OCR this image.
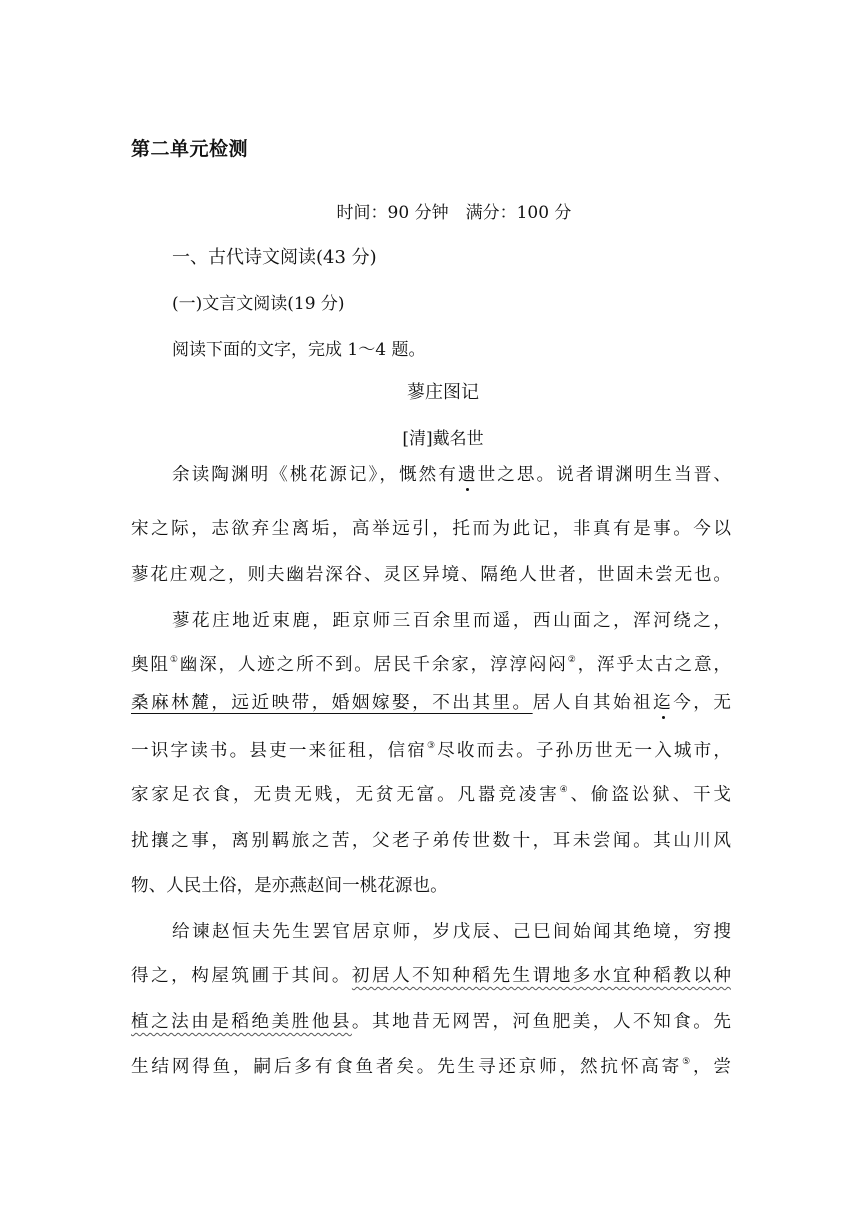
第二单元检测
时间：90 分钟　满分：100 分
一、古代诗文阅读(43 分)
(一)文言文阅读(19 分)
阅读下面的文字，完成 1～4 题。
蓼庄图记
[清]戴名世
余读陶渊明《桃花源记》，慨然有遗世之思。说者谓渊明生当晋、
宋之际，志欲弃尘离垢，高举远引，托而为此记，非真有是事。今以
蓼花庄观之，则夫幽岩深谷、灵区异境、隔绝人世者，世固未尝无也。
蓼花庄地近束鹿，距京师三百余里而遥，西山面之，浑河绕之，
奥阻①幽深，人迹之所不到。居民千余家，淳淳闷闷②，浑乎太古之意，
桑麻林麓，远近映带，婚姻嫁娶，不出其里。居人自其始祖迄今，无
一识字读书。县吏一来征租，信宿③尽收而去。子孙历世无一入城市，
家家足衣食，无贵无贱，无贫无富。凡嚣竞凌害④、偷盗讼狱、干戈
扰攘之事，离别羁旅之苦，父老子弟传世数十，耳未尝闻。其山川风
物、人民土俗，是亦燕赵间一桃花源也。
给谏赵恒夫先生罢官居京师，岁戊辰、己巳间始闻其绝境，穷搜
得之，构屋筑圃于其间。初居人不知种稻先生谓地多水宜种稻教以种
植之法由是稻绝美胜他县。其地昔无网罟，河鱼肥美，人不知食。先
生结网得鱼，嗣后多有食鱼者矣。先生寻还京师，然抗怀高寄⑤，尝
